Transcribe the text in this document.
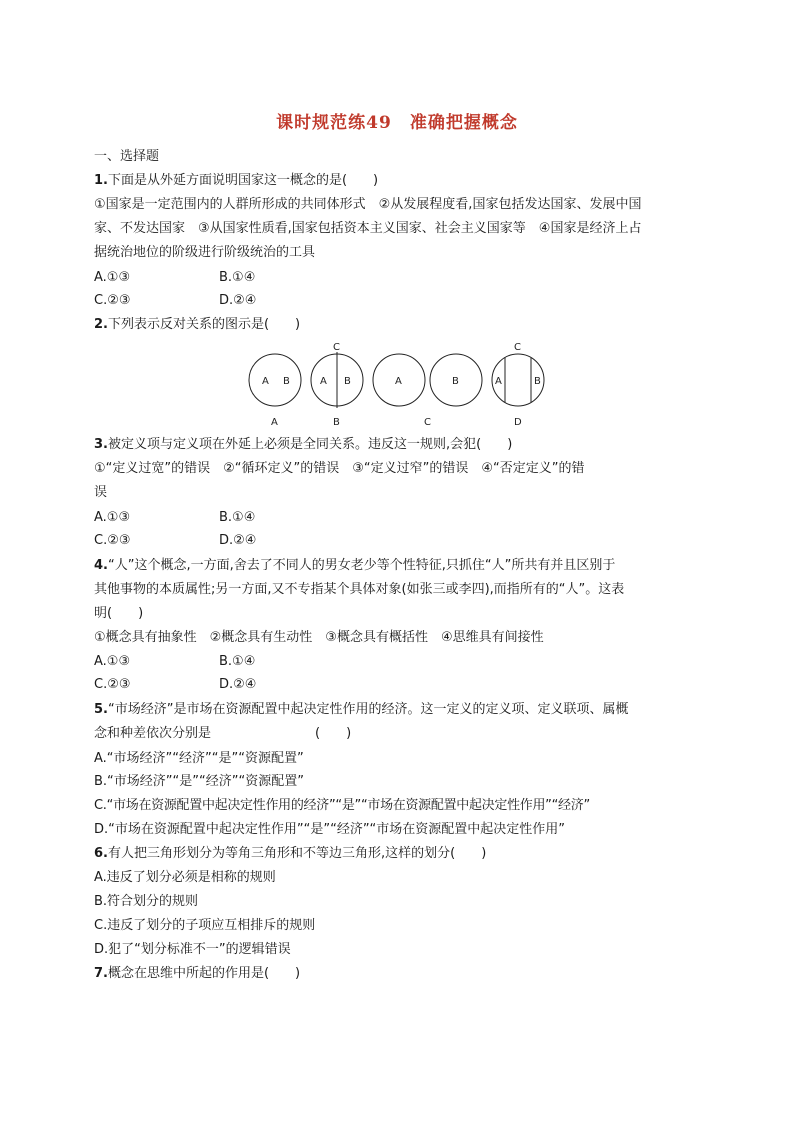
课时规范练49　准确把握概念
一、选择题
1.下面是从外延方面说明国家这一概念的是(　　)
①国家是一定范围内的人群所形成的共同体形式　②从发展程度看,国家包括发达国家、发展中国
家、不发达国家　③从国家性质看,国家包括资本主义国家、社会主义国家等　④国家是经济上占
据统治地位的阶级进行阶级统治的工具
A.①③	B.①④
C.②③	D.②④
2.下列表示反对关系的图示是(　　)
A B
A
C
A B
B
A	B
C
C
A	B
D
3.被定义项与定义项在外延上必须是全同关系。违反这一规则,会犯(　　)
①“定义过宽”的错误　②“循环定义”的错误　③“定义过窄”的错误　④“否定定义”的错
误
A.①③	B.①④
C.②③	D.②④
4.“人”这个概念,一方面,舍去了不同人的男女老少等个性特征,只抓住“人”所共有并且区别于
其他事物的本质属性;另一方面,又不专指某个具体对象(如张三或李四),而指所有的“人”。这表
明(　　)
①概念具有抽象性　②概念具有生动性　③概念具有概括性　④思维具有间接性
A.①③	B.①④
C.②③	D.②④
5.“市场经济”是市场在资源配置中起决定性作用的经济。这一定义的定义项、定义联项、属概
念和种差依次分别是　　　　　　　　(　　)
A.“市场经济”“经济”“是”“资源配置”
B.“市场经济”“是”“经济”“资源配置”
C.“市场在资源配置中起决定性作用的经济”“是”“市场在资源配置中起决定性作用”“经济”
D.“市场在资源配置中起决定性作用”“是”“经济”“市场在资源配置中起决定性作用”
6.有人把三角形划分为等角三角形和不等边三角形,这样的划分(　　)
A.违反了划分必须是相称的规则
B.符合划分的规则
C.违反了划分的子项应互相排斥的规则
D.犯了“划分标准不一”的逻辑错误
7.概念在思维中所起的作用是(　　)
